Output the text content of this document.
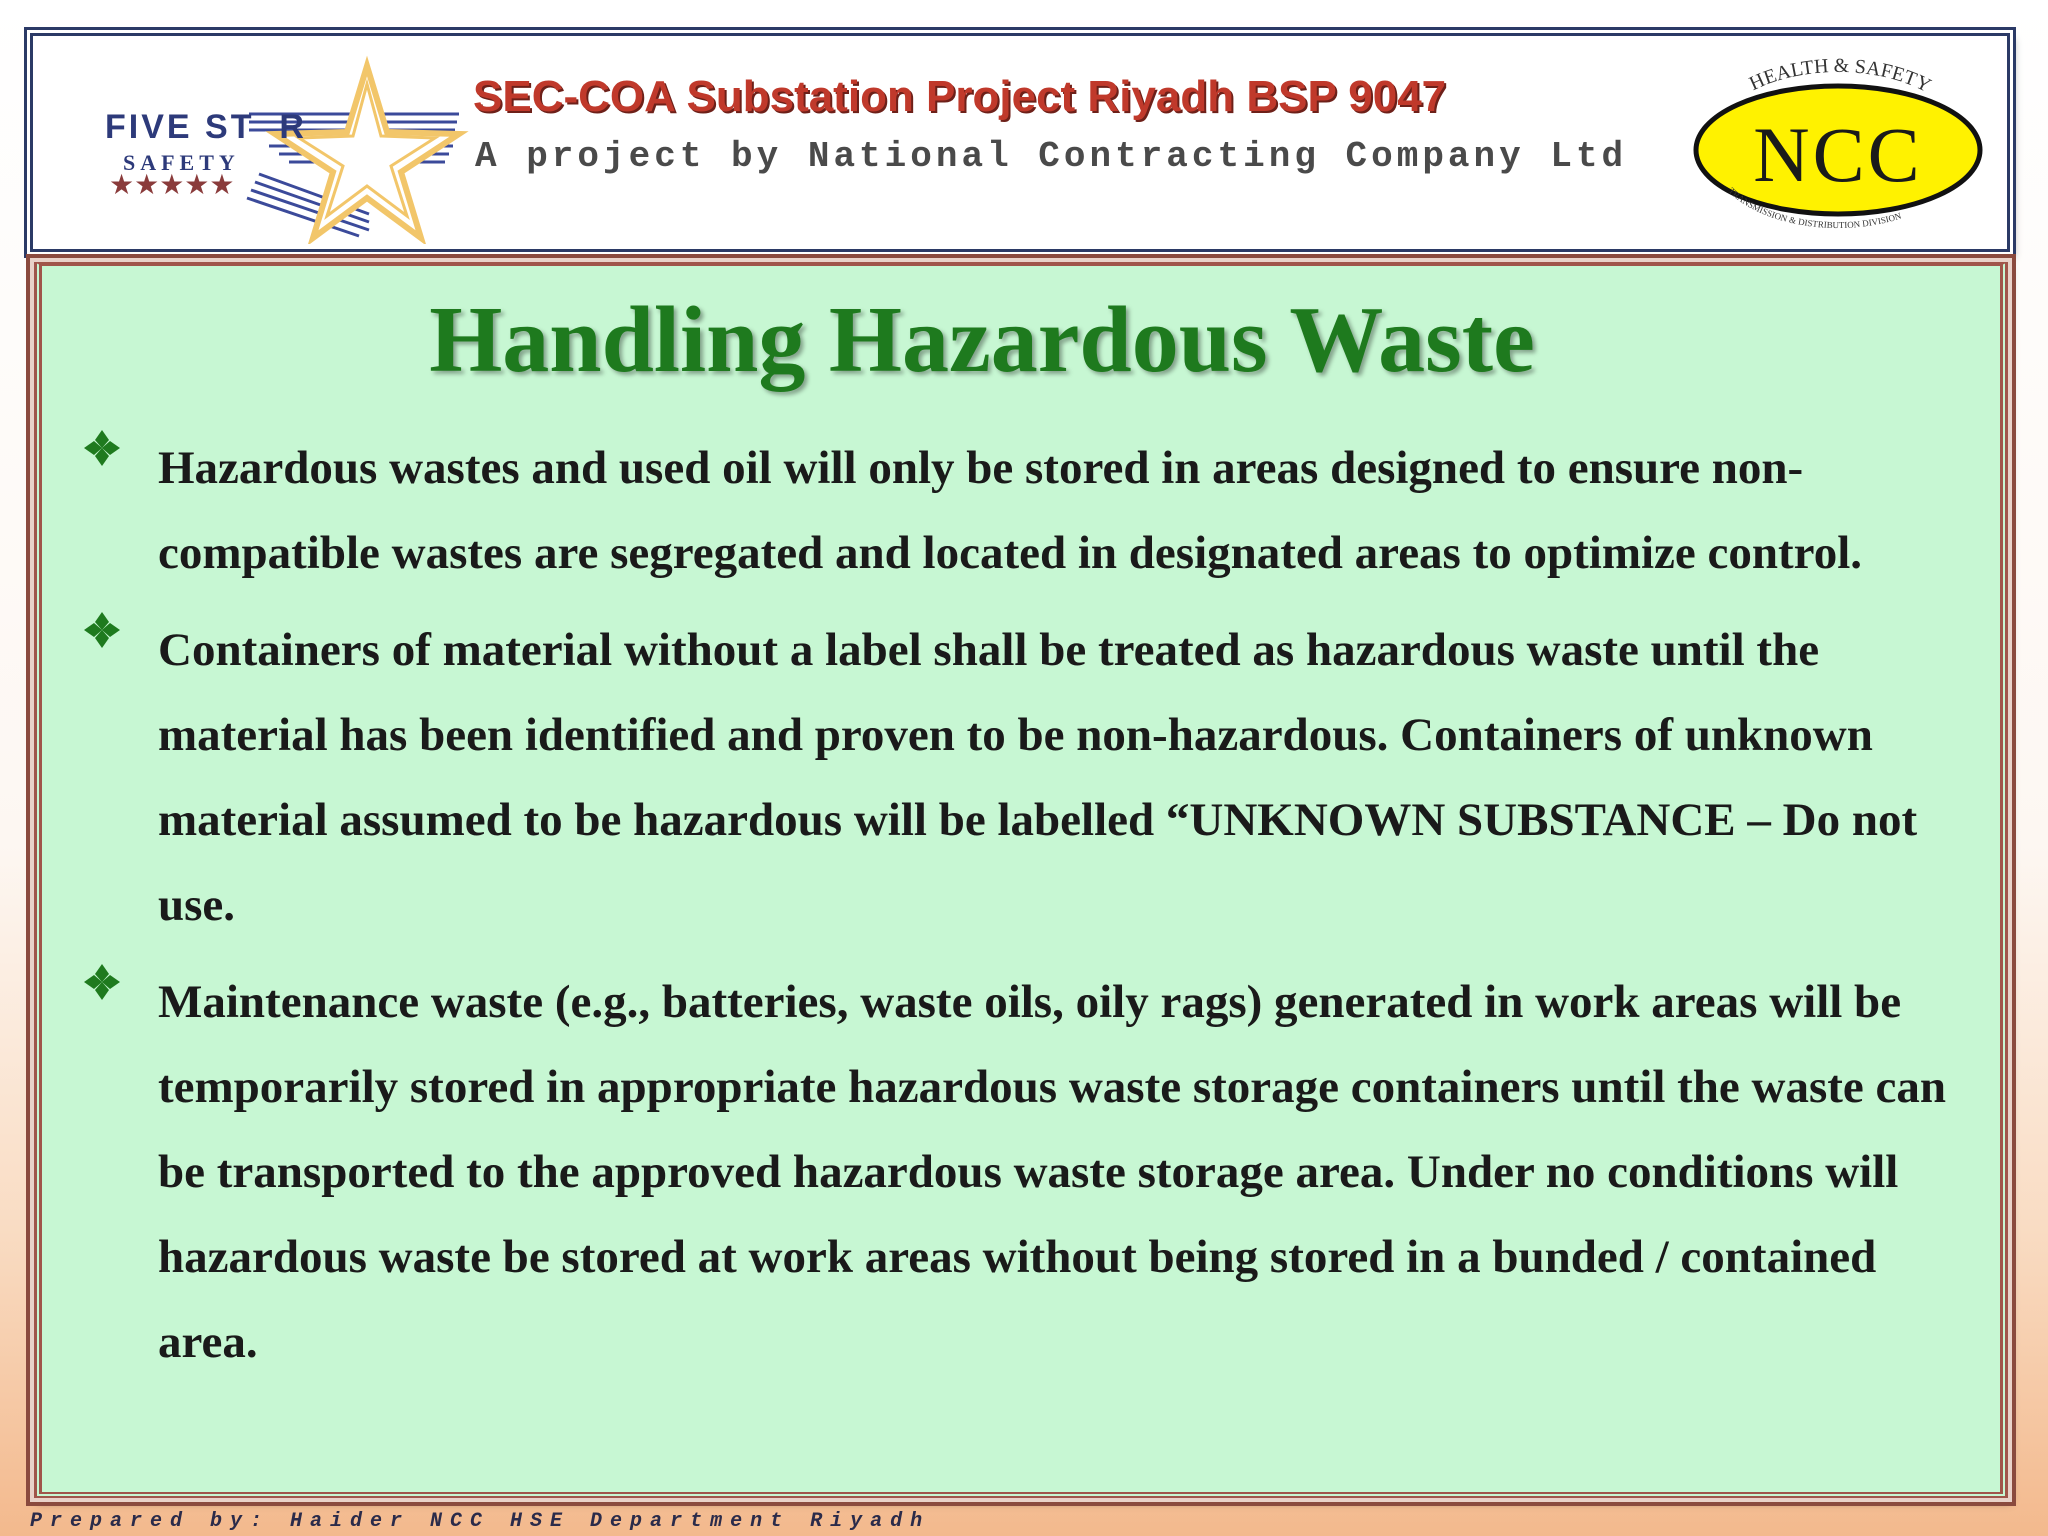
FIVE ST  R
SAFETY
★★★★★
SEC-COA Substation Project Riyadh BSP 9047
A project by National Contracting Company Ltd
HEALTH & SAFETY
TRANSMISSION & DISTRIBUTION DIVISION
NCC
Handling Hazardous Waste
Hazardous wastes and used oil will only be stored in areas designed to ensure non-compatible wastes are segregated and located in designated areas to optimize control.
Containers of material without a label shall be treated as hazardous waste until the material has been identified and proven to be non-hazardous. Containers of unknown material assumed to be hazardous will be labelled “UNKNOWN SUBSTANCE – Do not use.
Maintenance waste (e.g., batteries, waste oils, oily rags) generated in work areas will be temporarily stored in appropriate hazardous waste storage containers until the waste can be transported to the approved hazardous waste storage area. Under no conditions will hazardous waste be stored at work areas without being stored in a bunded / contained area.
Prepared by: Haider NCC HSE Department Riyadh
